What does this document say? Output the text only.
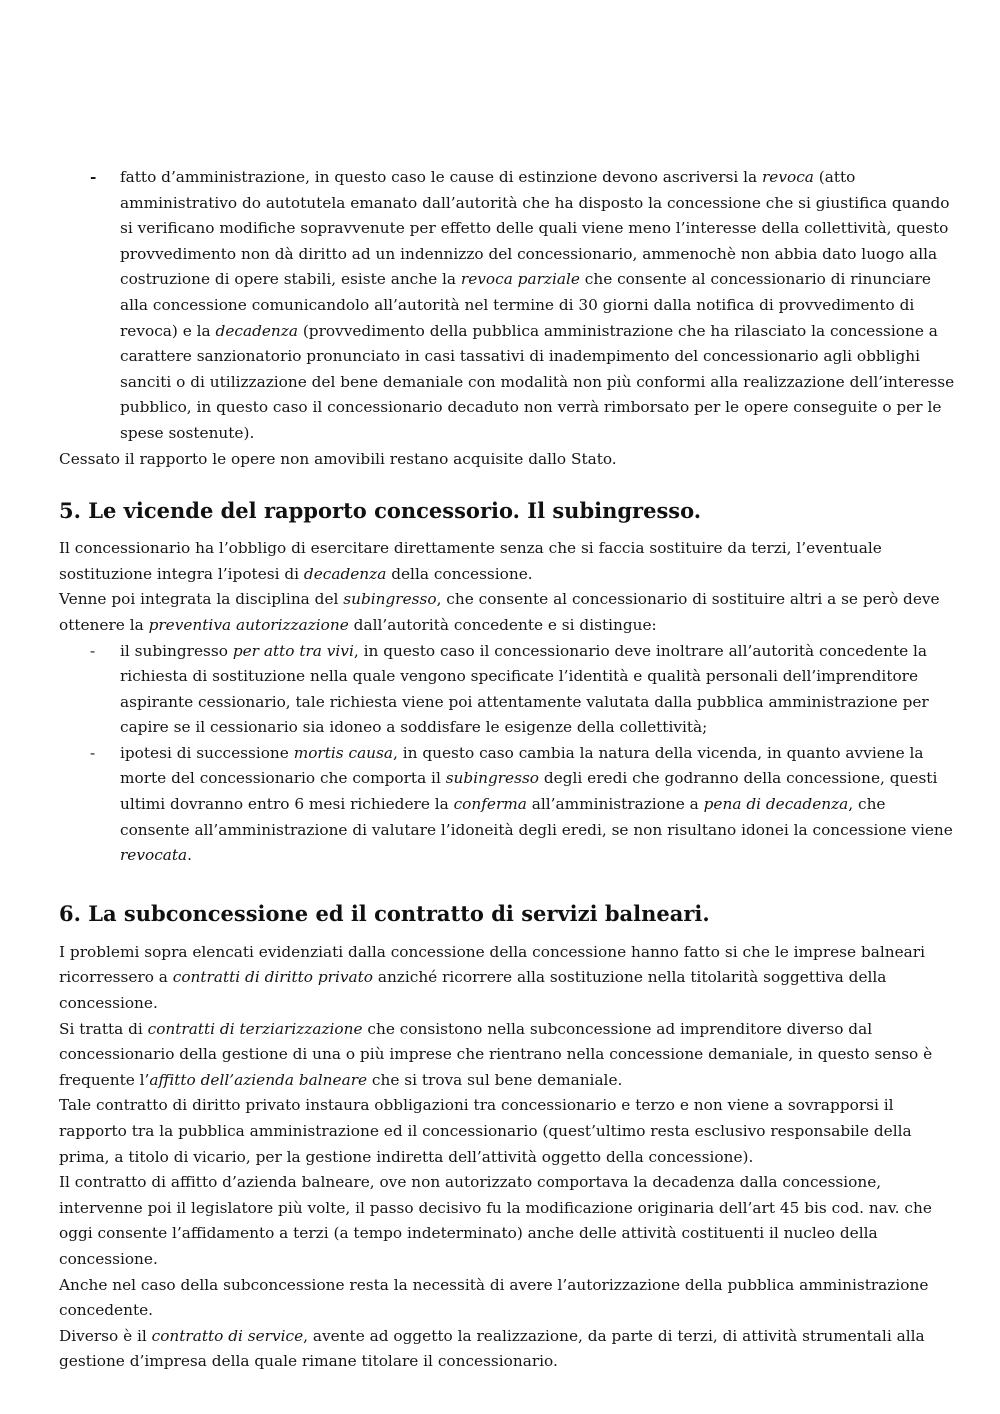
- fatto d’amministrazione, in questo caso le cause di estinzione devono ascriversi la revoca (atto amministrativo do autotutela emanato dall’autorità che ha disposto la concessione che si giustifica quando si verificano modifiche sopravvenute per effetto delle quali viene meno l’interesse della collettività, questo provvedimento non dà diritto ad un indennizzo del concessionario, ammenochè non abbia dato luogo alla costruzione di opere stabili, esiste anche la revoca parziale che consente al concessionario di rinunciare alla concessione comunicandolo all’autorità nel termine di 30 giorni dalla notifica di provvedimento di revoca) e la decadenza (provvedimento della pubblica amministrazione che ha rilasciato la concessione a carattere sanzionatorio pronunciato in casi tassativi di inadempimento del concessionario agli obblighi sanciti o di utilizzazione del bene demaniale con modalità non più conformi alla realizzazione dell’interesse pubblico, in questo caso il concessionario decaduto non verrà rimborsato per le opere conseguite o per le spese sostenute).

Cessato il rapporto le opere non amovibili restano acquisite dallo Stato.

5. Le vicende del rapporto concessorio. Il subingresso.

Il concessionario ha l’obbligo di esercitare direttamente senza che si faccia sostituire da terzi, l’eventuale sostituzione integra l’ipotesi di decadenza della concessione.

Venne poi integrata la disciplina del subingresso, che consente al concessionario di sostituire altri a se però deve ottenere la preventiva autorizzazione dall’autorità concedente e si distingue:

- il subingresso per atto tra vivi, in questo caso il concessionario deve inoltrare all’autorità concedente la richiesta di sostituzione nella quale vengono specificate l’identità e qualità personali dell’imprenditore aspirante cessionario, tale richiesta viene poi attentamente valutata dalla pubblica amministrazione per capire se il cessionario sia idoneo a soddisfare le esigenze della collettività;
- ipotesi di successione mortis causa, in questo caso cambia la natura della vicenda, in quanto avviene la morte del concessionario che comporta il subingresso degli eredi che godranno della concessione, questi ultimi dovranno entro 6 mesi richiedere la conferma all’amministrazione a pena di decadenza, che consente all’amministrazione di valutare l’idoneità degli eredi, se non risultano idonei la concessione viene revocata.
6. La subconcessione ed il contratto di servizi balneari.

I problemi sopra elencati evidenziati dalla concessione della concessione hanno fatto si che le imprese balneari ricorressero a contratti di diritto privato anziché ricorrere alla sostituzione nella titolarità soggettiva della concessione.

Si tratta di contratti di terziarizzazione che consistono nella subconcessione ad imprenditore diverso dal concessionario della gestione di una o più imprese che rientrano nella concessione demaniale, in questo senso è frequente l’affitto dell’azienda balneare che si trova sul bene demaniale.

Tale contratto di diritto privato instaura obbligazioni tra concessionario e terzo e non viene a sovrapporsi il rapporto tra la pubblica amministrazione ed il concessionario (quest’ultimo resta esclusivo responsabile della prima, a titolo di vicario, per la gestione indiretta dell’attività oggetto della concessione).

Il contratto di affitto d’azienda balneare, ove non autorizzato comportava la decadenza dalla concessione, intervenne poi il legislatore più volte, il passo decisivo fu la modificazione originaria dell’art 45 bis cod. nav. che oggi consente l’affidamento a terzi (a tempo indeterminato) anche delle attività costituenti il nucleo della concessione.

Anche nel caso della subconcessione resta la necessità di avere l’autorizzazione della pubblica amministrazione concedente.

Diverso è il contratto di service, avente ad oggetto la realizzazione, da parte di terzi, di attività strumentali alla gestione d’impresa della quale rimane titolare il concessionario.
